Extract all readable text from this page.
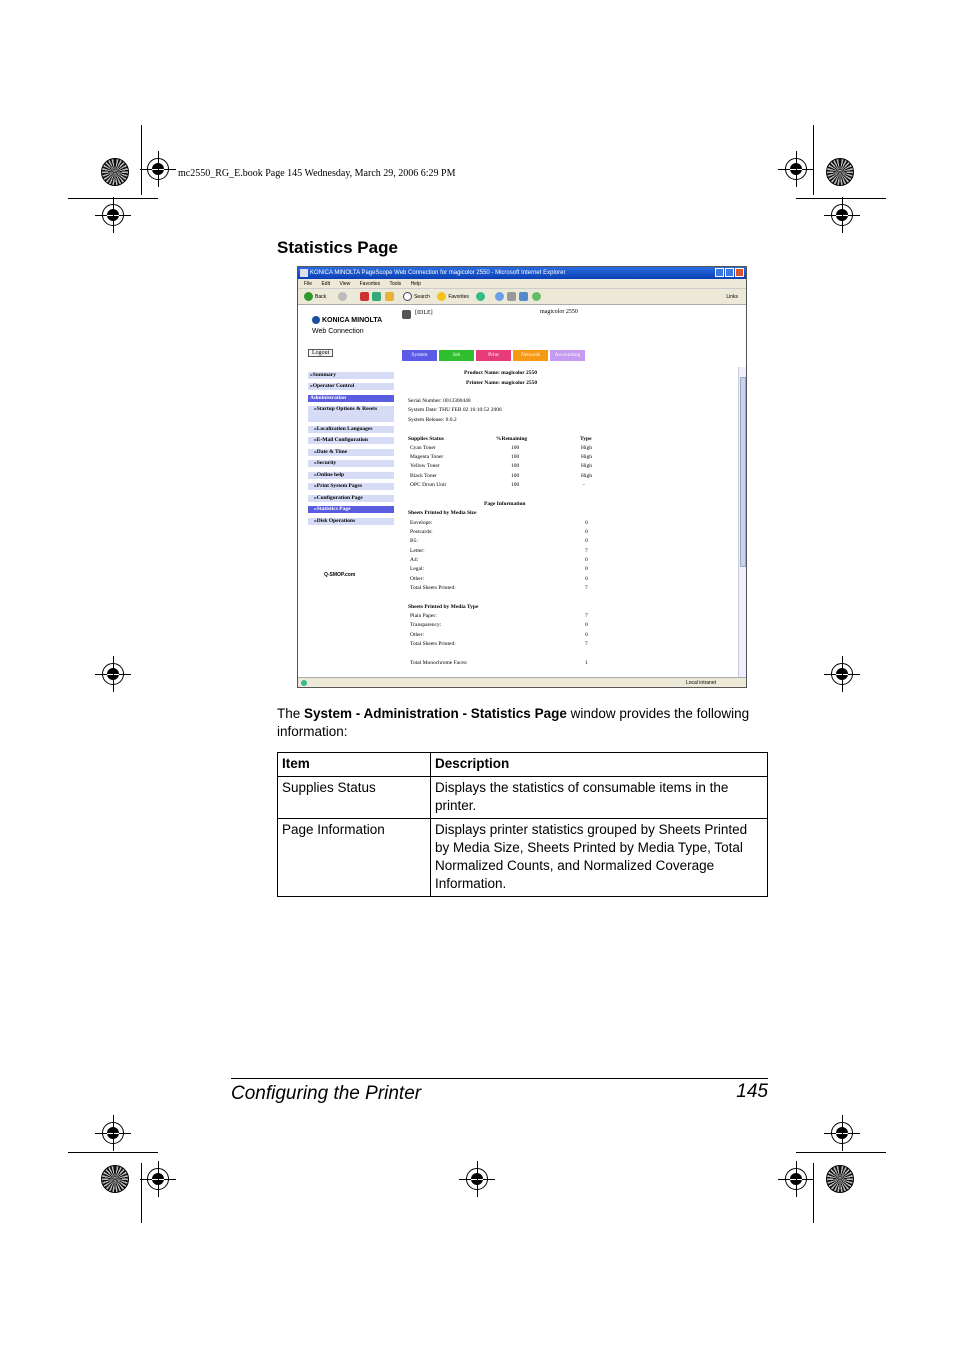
mc2550_RG_E.book Page 145 Wednesday, March 29, 2006 6:29 PM
Statistics Page
KONICA MINOLTA PageScope Web Connection for magicolor 2550 - Microsoft Internet Explorer
File Edit View Favorites Tools Help
Back	Search	Favorites	Links
KONICA MINOLTA
Web Connection
Logout
[IDLE]	magicolor 2550
System	Job	Print	Network	Accounting
»Summary
»Operator Control
Administration
»Startup Options & Resets
»Localization Languages
»E-Mail Configuration
»Date & Time
»Security
»Online help
»Print System Pages
»Configuration Page
»Statistics Page
»Disk Operations
Q-SMOP.com
Product Name: magicolor 2550
Printer Name: magicolor 2550
Serial Number: 0013300448
System Date: THU FEB 02 16:10:52 2006
System Release: 0.0.2
Supplies Status	%Remaining	Type
Cyan Toner	100	High
Magenta Toner	100	High
Yellow Toner	100	High
Black Toner	100	High
OPC Drum Unit	100	-
Page Information
Sheets Printed by Media Size
Envelope:	0
Postcards:	0
B5:	0
Letter:	7
A4:	0
Legal:	0
Other:	0
Total Sheets Printed:	7
Sheets Printed by Media Type
Plain Paper:	7
Transparency:	0
Other:	0
Total Sheets Printed:	7
Total Monochrome Faces:	1
Local intranet
The System - Administration - Statistics Page window provides the following information:
Item	Description
Supplies Status	Displays the statistics of consumable items in the printer.
Page Information	Displays printer statistics grouped by Sheets Printed by Media Size, Sheets Printed by Media Type, Total Normalized Counts, and Normalized Coverage Information.
Configuring the Printer	145
